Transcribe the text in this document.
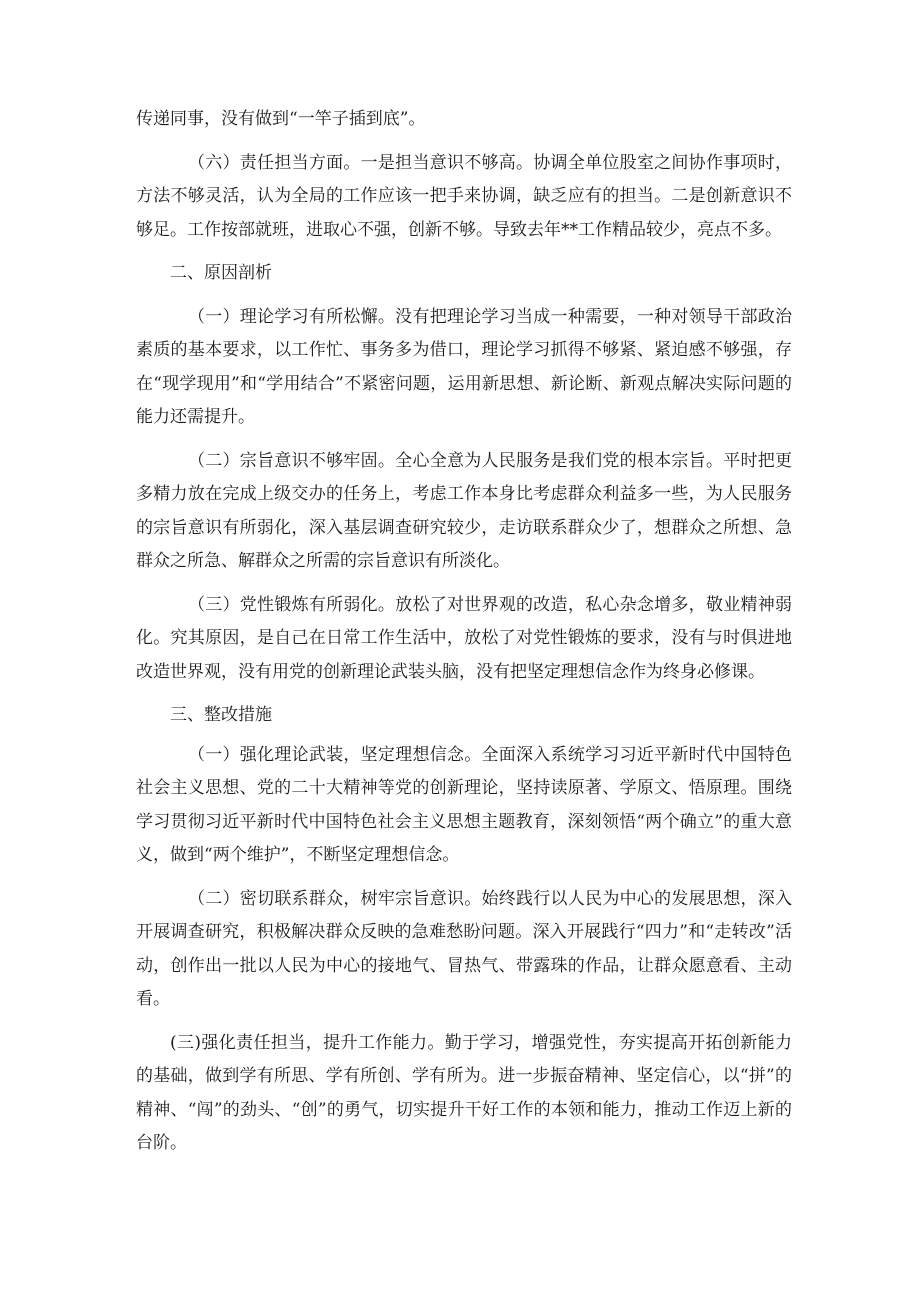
传递同事，没有做到“一竿子插到底”。

（六）责任担当方面。一是担当意识不够高。协调全单位股室之间协作事项时，方法不够灵活，认为全局的工作应该一把手来协调，缺乏应有的担当。二是创新意识不够足。工作按部就班，进取心不强，创新不够。导致去年**工作精品较少，亮点不多。

二、原因剖析

（一）理论学习有所松懈。没有把理论学习当成一种需要，一种对领导干部政治素质的基本要求，以工作忙、事务多为借口，理论学习抓得不够紧、紧迫感不够强，存在“现学现用”和“学用结合”不紧密问题，运用新思想、新论断、新观点解决实际问题的能力还需提升。

（二）宗旨意识不够牢固。全心全意为人民服务是我们党的根本宗旨。平时把更多精力放在完成上级交办的任务上，考虑工作本身比考虑群众利益多一些，为人民服务的宗旨意识有所弱化，深入基层调查研究较少，走访联系群众少了，想群众之所想、急群众之所急、解群众之所需的宗旨意识有所淡化。

（三）党性锻炼有所弱化。放松了对世界观的改造，私心杂念增多，敬业精神弱化。究其原因，是自己在日常工作生活中，放松了对党性锻炼的要求，没有与时俱进地改造世界观，没有用党的创新理论武装头脑，没有把坚定理想信念作为终身必修课。

三、整改措施

（一）强化理论武装，坚定理想信念。全面深入系统学习习近平新时代中国特色社会主义思想、党的二十大精神等党的创新理论，坚持读原著、学原文、悟原理。围绕学习贯彻习近平新时代中国特色社会主义思想主题教育，深刻领悟“两个确立”的重大意义，做到“两个维护”，不断坚定理想信念。

（二）密切联系群众，树牢宗旨意识。始终践行以人民为中心的发展思想，深入开展调查研究，积极解决群众反映的急难愁盼问题。深入开展践行“四力”和“走转改”活动，创作出一批以人民为中心的接地气、冒热气、带露珠的作品，让群众愿意看、主动看。

(三)强化责任担当，提升工作能力。勤于学习，增强党性，夯实提高开拓创新能力的基础，做到学有所思、学有所创、学有所为。进一步振奋精神、坚定信心，以“拼”的精神、“闯”的劲头、“创”的勇气，切实提升干好工作的本领和能力，推动工作迈上新的台阶。
